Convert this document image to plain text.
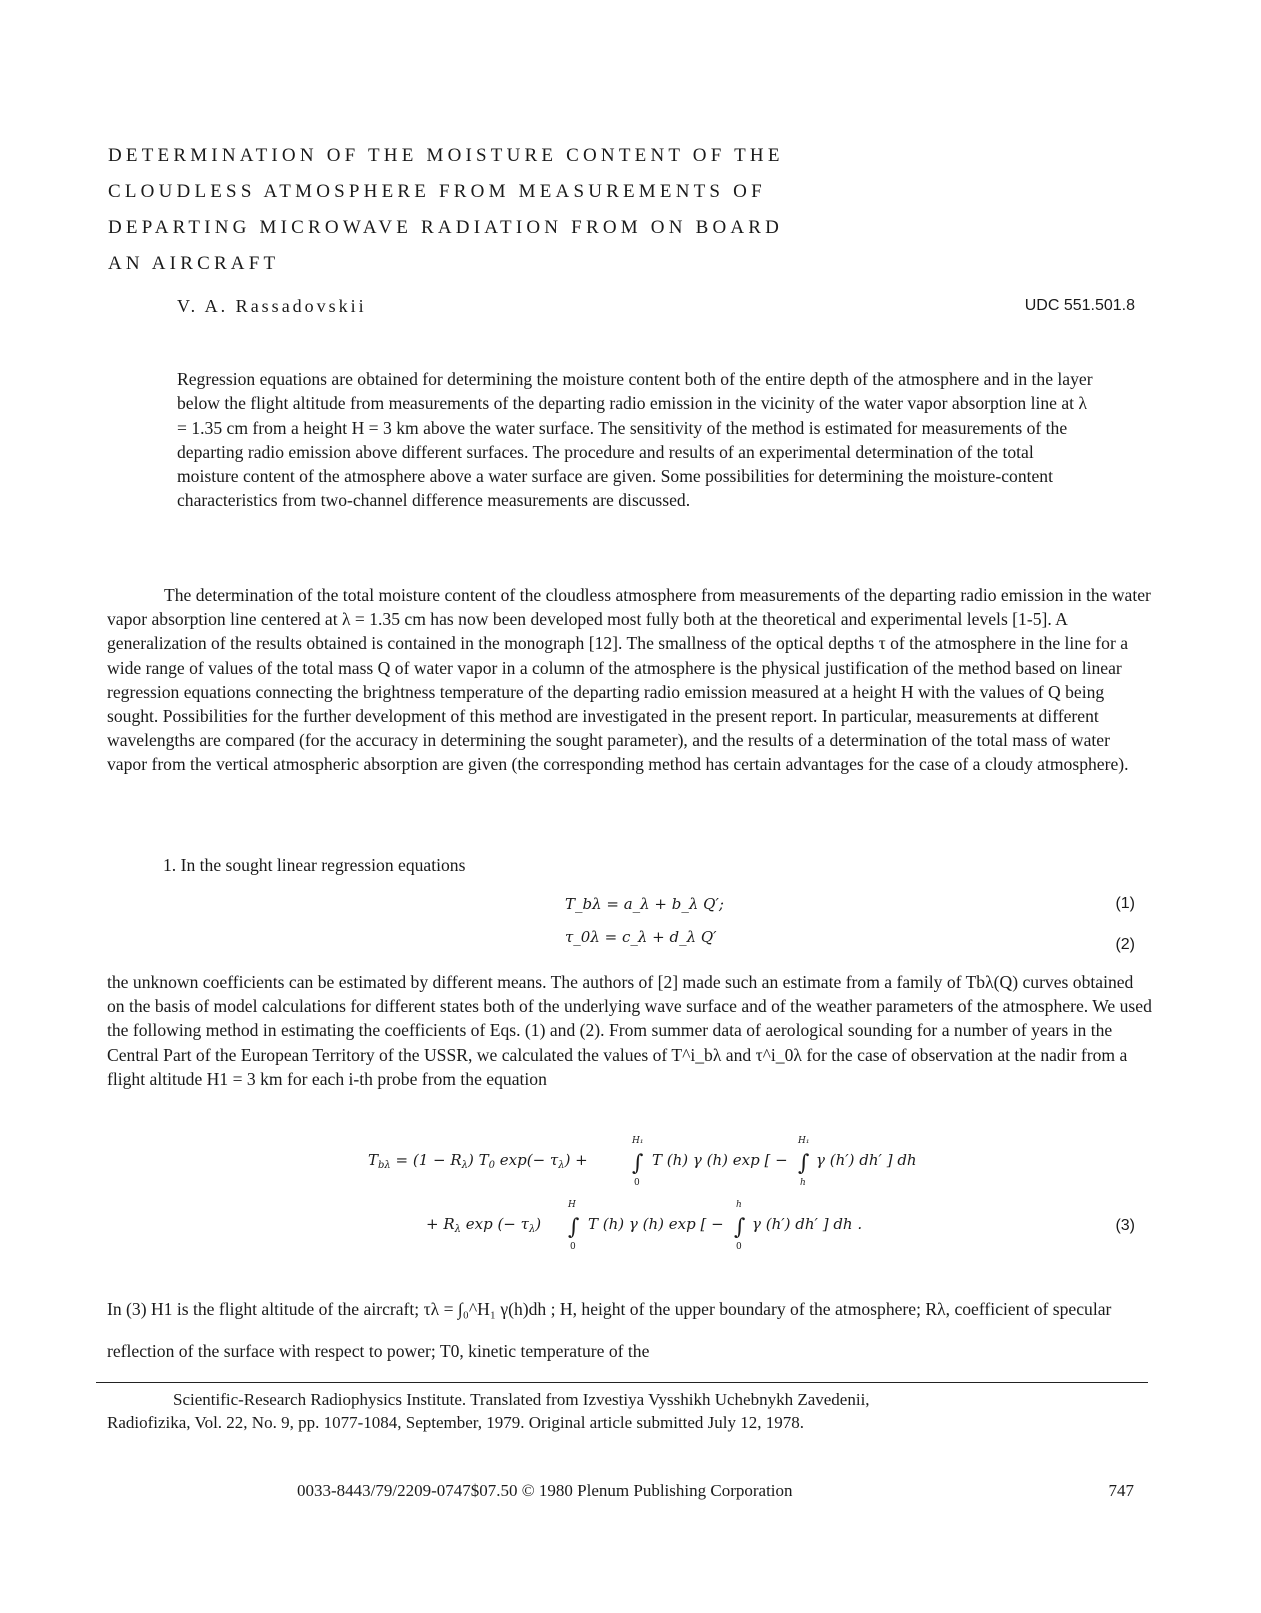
DETERMINATION OF THE MOISTURE CONTENT OF THE
CLOUDLESS ATMOSPHERE FROM MEASUREMENTS OF
DEPARTING MICROWAVE RADIATION FROM ON BOARD
AN AIRCRAFT
V. A. Rassadovskii	UDC 551.501.8
Regression equations are obtained for determining the moisture content both of the entire depth of the atmosphere and in the layer below the flight altitude from measurements of the departing radio emission in the vicinity of the water vapor absorption line at λ = 1.35 cm from a height H = 3 km above the water surface. The sensitivity of the method is estimated for measurements of the departing radio emission above different surfaces. The procedure and results of an experimental determination of the total moisture content of the atmosphere above a water surface are given. Some possibilities for determining the moisture-content characteristics from two-channel difference measurements are discussed.
The determination of the total moisture content of the cloudless atmosphere from measurements of the departing radio emission in the water vapor absorption line centered at λ = 1.35 cm has now been developed most fully both at the theoretical and experimental levels [1-5]. A generalization of the results obtained is contained in the monograph [12]. The smallness of the optical depths τ of the atmosphere in the line for a wide range of values of the total mass Q of water vapor in a column of the atmosphere is the physical justification of the method based on linear regression equations connecting the brightness temperature of the departing radio emission measured at a height H with the values of Q being sought. Possibilities for the further development of this method are investigated in the present report. In particular, measurements at different wavelengths are compared (for the accuracy in determining the sought parameter), and the results of a determination of the total mass of water vapor from the vertical atmospheric absorption are given (the corresponding method has certain advantages for the case of a cloudy atmosphere).
1. In the sought linear regression equations
T_bλ = a_λ + b_λ Q′;	(1)
τ_0λ = c_λ + d_λ Q′	(2)
the unknown coefficients can be estimated by different means. The authors of [2] made such an estimate from a family of Tbλ(Q) curves obtained on the basis of model calculations for different states both of the underlying wave surface and of the weather parameters of the atmosphere. We used the following method in estimating the coefficients of Eqs. (1) and (2). From summer data of aerological sounding for a number of years in the Central Part of the European Territory of the USSR, we calculated the values of T^i_bλ and τ^i_0λ for the case of observation at the nadir from a flight altitude H1 = 3 km for each i-th probe from the equation
$T_{b\lambda} = (1 - R_\lambda)$ $T_0$ $\exp(- \tau_\lambda)$ + ∫
H₁
0
T (h) γ (h) exp [ − ∫
H₁
h
γ (h′) dh′ ] dh
+ $R_\lambda$ exp (− $\tau_\lambda$) ∫
H
0
T (h) γ (h) exp [ − ∫
h
0
γ (h′) dh′ ] dh .	(3)
In (3) H1 is the flight altitude of the aircraft; τλ = ∫₀^H₁ γ(h)dh ; H, height of the upper boundary of the atmosphere; Rλ, coefficient of specular reflection of the surface with respect to power; T0, kinetic temperature of the
Scientific-Research Radiophysics Institute. Translated from Izvestiya Vysshikh Uchebnykh Zavedenii,
Radiofizika, Vol. 22, No. 9, pp. 1077-1084, September, 1979. Original article submitted July 12, 1978.
0033-8443/79/2209-0747$07.50 © 1980 Plenum Publishing Corporation	747
